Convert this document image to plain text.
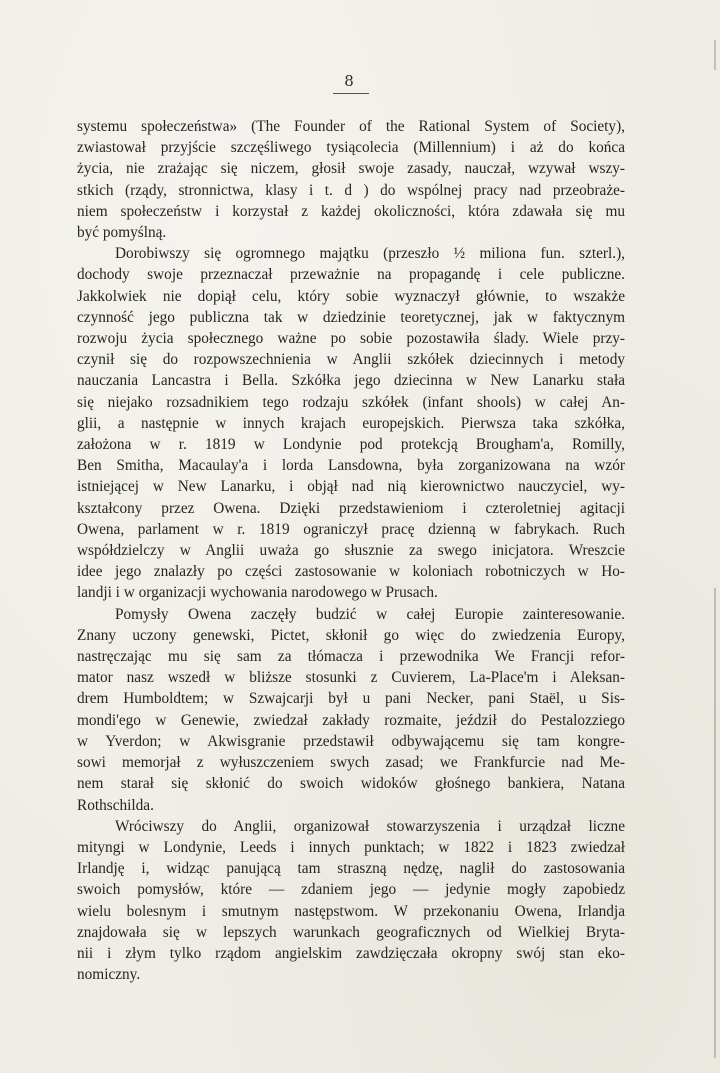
8
systemu społeczeństwa» (The Founder of the Rational System of Society),
zwiastował przyjście szczęśliwego tysiącolecia (Millennium) i aż do końca
życia, nie zrażając się niczem, głosił swoje zasady, nauczał, wzywał wszy-
stkich (rządy, stronnictwa, klasy i t. d ) do wspólnej pracy nad przeobraże-
niem społeczeństw i korzystał z każdej okoliczności, która zdawała się mu
być pomyślną.
Dorobiwszy się ogromnego majątku (przeszło ½ miliona fun. szterl.),
dochody swoje przeznaczał przeważnie na propagandę i cele publiczne.
Jakkolwiek nie dopiął celu, który sobie wyznaczył głównie, to wszakże
czynność jego publiczna tak w dziedzinie teoretycznej, jak w faktycznym
rozwoju życia społecznego ważne po sobie pozostawiła ślady. Wiele przy-
czynił się do rozpowszechnienia w Anglii szkółek dziecinnych i metody
nauczania Lancastra i Bella. Szkółka jego dziecinna w New Lanarku stała
się niejako rozsadnikiem tego rodzaju szkółek (infant shools) w całej An-
glii, a następnie w innych krajach europejskich. Pierwsza taka szkółka,
założona w r. 1819 w Londynie pod protekcją Brougham'a, Romilly,
Ben Smitha, Macaulay'a i lorda Lansdowna, była zorganizowana na wzór
istniejącej w New Lanarku, i objął nad nią kierownictwo nauczyciel, wy-
kształcony przez Owena. Dzięki przedstawieniom i czteroletniej agitacji
Owena, parlament w r. 1819 ograniczył pracę dzienną w fabrykach. Ruch
współdzielczy w Anglii uważa go słusznie za swego inicjatora. Wreszcie
idee jego znalazły po części zastosowanie w koloniach robotniczych w Ho-
landji i w organizacji wychowania narodowego w Prusach.
Pomysły Owena zaczęły budzić w całej Europie zainteresowanie.
Znany uczony genewski, Pictet, skłonił go więc do zwiedzenia Europy,
nastręczając mu się sam za tłómacza i przewodnika We Francji refor-
mator nasz wszedł w bliższe stosunki z Cuvierem, La-Place'm i Aleksan-
drem Humboldtem; w Szwajcarji był u pani Necker, pani Staël, u Sis-
mondi'ego w Genewie, zwiedzał zakłady rozmaite, jeździł do Pestalozziego
w Yverdon; w Akwisgranie przedstawił odbywającemu się tam kongre-
sowi memorjał z wyłuszczeniem swych zasad; we Frankfurcie nad Me-
nem starał się skłonić do swoich widoków głośnego bankiera, Natana
Rothschilda.
Wróciwszy do Anglii, organizował stowarzyszenia i urządzał liczne
mityngi w Londynie, Leeds i innych punktach; w 1822 i 1823 zwiedzał
Irlandję i, widząc panującą tam straszną nędzę, naglił do zastosowania
swoich pomysłów, które — zdaniem jego — jedynie mogły zapobiedz
wielu bolesnym i smutnym następstwom. W przekonaniu Owena, Irlandja
znajdowała się w lepszych warunkach geograficznych od Wielkiej Bryta-
nii i złym tylko rządom angielskim zawdzięczała okropny swój stan eko-
nomiczny.
